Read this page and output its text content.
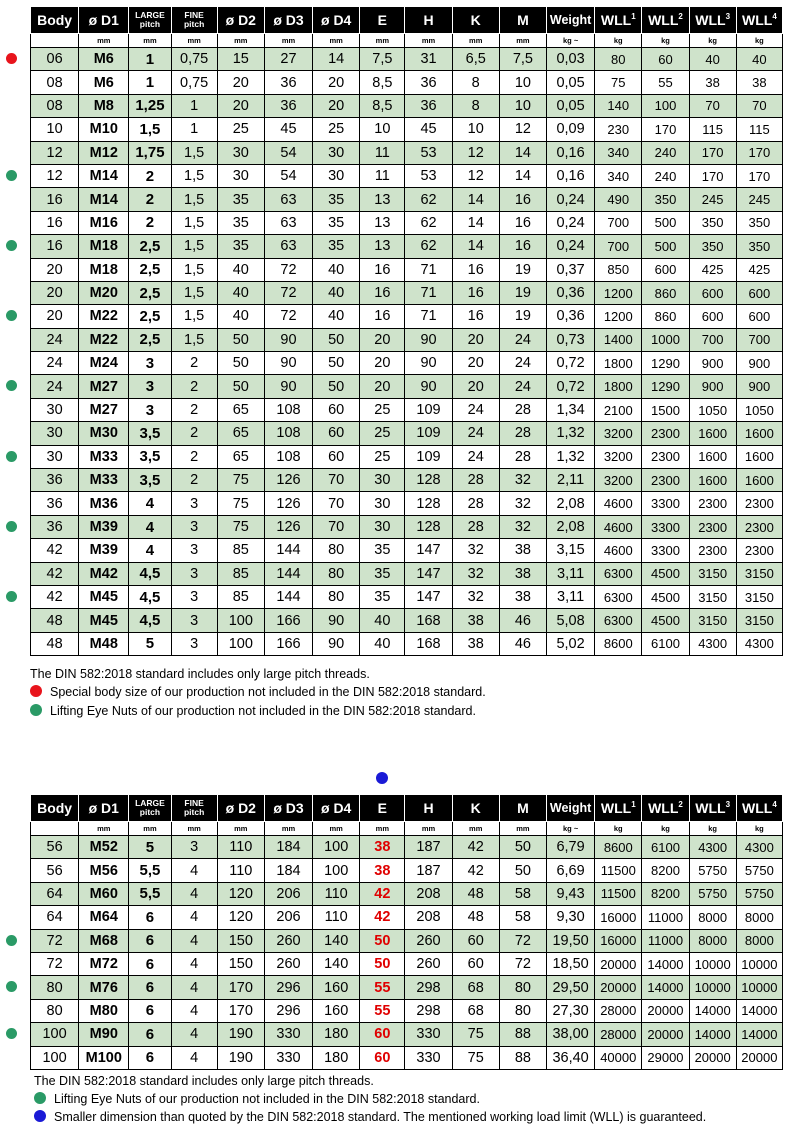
Body	ø D1	LARGE
pitch	FINE
pitch	ø D2	ø D3	ø D4	E	H	K	M	Weight	WLL$^1$	WLL$^2$	WLL$^3$	WLL$^4$
	mm	mm	mm	mm	mm	mm	mm	mm	mm	mm	kg ~	kg	kg	kg	kg
06	M6	1	0,75	15	27	14	7,5	31	6,5	7,5	0,03	80	60	40	40
08	M6	1	0,75	20	36	20	8,5	36	8	10	0,05	75	55	38	38
08	M8	1,25	1	20	36	20	8,5	36	8	10	0,05	140	100	70	70
10	M10	1,5	1	25	45	25	10	45	10	12	0,09	230	170	115	115
12	M12	1,75	1,5	30	54	30	11	53	12	14	0,16	340	240	170	170
12	M14	2	1,5	30	54	30	11	53	12	14	0,16	340	240	170	170
16	M14	2	1,5	35	63	35	13	62	14	16	0,24	490	350	245	245
16	M16	2	1,5	35	63	35	13	62	14	16	0,24	700	500	350	350
16	M18	2,5	1,5	35	63	35	13	62	14	16	0,24	700	500	350	350
20	M18	2,5	1,5	40	72	40	16	71	16	19	0,37	850	600	425	425
20	M20	2,5	1,5	40	72	40	16	71	16	19	0,36	1200	860	600	600
20	M22	2,5	1,5	40	72	40	16	71	16	19	0,36	1200	860	600	600
24	M22	2,5	1,5	50	90	50	20	90	20	24	0,73	1400	1000	700	700
24	M24	3	2	50	90	50	20	90	20	24	0,72	1800	1290	900	900
24	M27	3	2	50	90	50	20	90	20	24	0,72	1800	1290	900	900
30	M27	3	2	65	108	60	25	109	24	28	1,34	2100	1500	1050	1050
30	M30	3,5	2	65	108	60	25	109	24	28	1,32	3200	2300	1600	1600
30	M33	3,5	2	65	108	60	25	109	24	28	1,32	3200	2300	1600	1600
36	M33	3,5	2	75	126	70	30	128	28	32	2,11	3200	2300	1600	1600
36	M36	4	3	75	126	70	30	128	28	32	2,08	4600	3300	2300	2300
36	M39	4	3	75	126	70	30	128	28	32	2,08	4600	3300	2300	2300
42	M39	4	3	85	144	80	35	147	32	38	3,15	4600	3300	2300	2300
42	M42	4,5	3	85	144	80	35	147	32	38	3,11	6300	4500	3150	3150
42	M45	4,5	3	85	144	80	35	147	32	38	3,11	6300	4500	3150	3150
48	M45	4,5	3	100	166	90	40	168	38	46	5,08	6300	4500	3150	3150
48	M48	5	3	100	166	90	40	168	38	46	5,02	8600	6100	4300	4300
The DIN 582:2018 standard includes only large pitch threads.
Special body size of our production not included in the DIN 582:2018 standard.
Lifting Eye Nuts of our production not included in the DIN 582:2018 standard.
Body	ø D1	LARGE
pitch	FINE
pitch	ø D2	ø D3	ø D4	E	H	K	M	Weight	WLL$^1$	WLL$^2$	WLL$^3$	WLL$^4$
	mm	mm	mm	mm	mm	mm	mm	mm	mm	mm	kg ~	kg	kg	kg	kg
56	M52	5	3	110	184	100	38	187	42	50	6,79	8600	6100	4300	4300
56	M56	5,5	4	110	184	100	38	187	42	50	6,69	11500	8200	5750	5750
64	M60	5,5	4	120	206	110	42	208	48	58	9,43	11500	8200	5750	5750
64	M64	6	4	120	206	110	42	208	48	58	9,30	16000	11000	8000	8000
72	M68	6	4	150	260	140	50	260	60	72	19,50	16000	11000	8000	8000
72	M72	6	4	150	260	140	50	260	60	72	18,50	20000	14000	10000	10000
80	M76	6	4	170	296	160	55	298	68	80	29,50	20000	14000	10000	10000
80	M80	6	4	170	296	160	55	298	68	80	27,30	28000	20000	14000	14000
100	M90	6	4	190	330	180	60	330	75	88	38,00	28000	20000	14000	14000
100	M100	6	4	190	330	180	60	330	75	88	36,40	40000	29000	20000	20000
The DIN 582:2018 standard includes only large pitch threads.
Lifting Eye Nuts of our production not included in the DIN 582:2018 standard.
Smaller dimension than quoted by the DIN 582:2018 standard. The mentioned working load limit (WLL) is guaranteed.
